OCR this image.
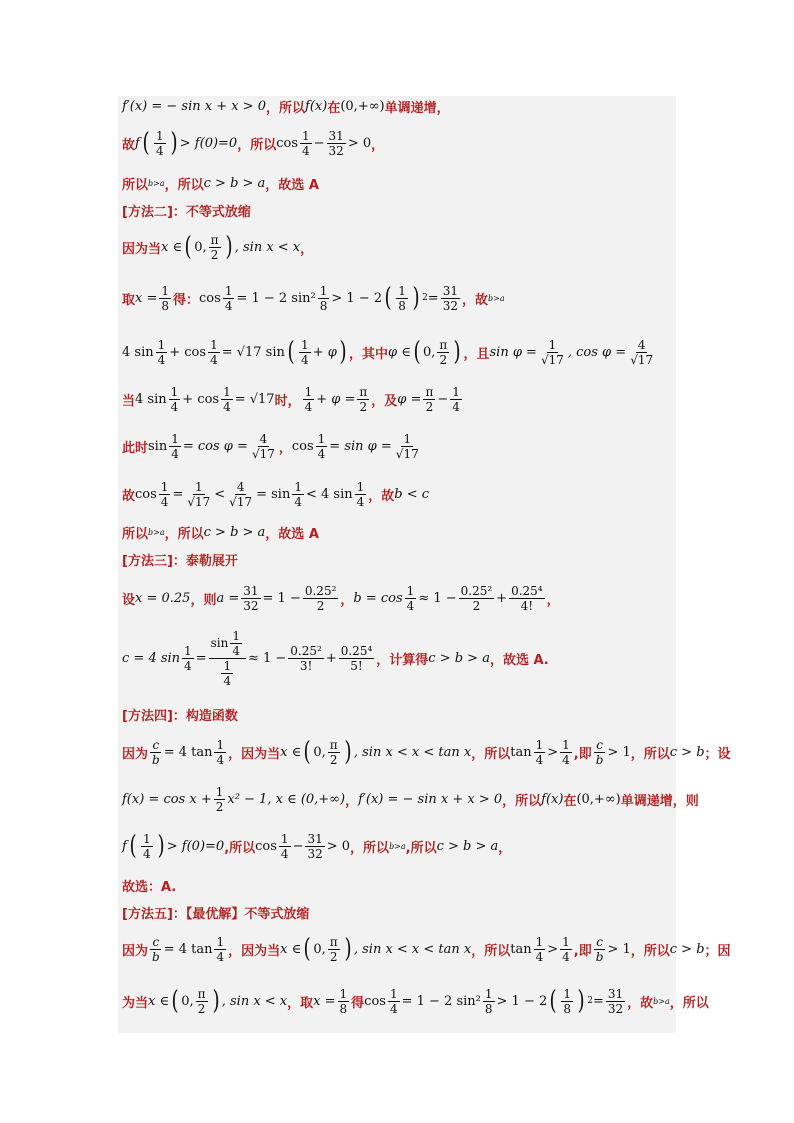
f′(x) = − sin x + x > 0 ，所以 f(x) 在 (0,+∞) 单调递增，
故 f ( $\frac{1}{4}$ ) > f(0)=0 ，所以 $\cos \frac{1}{4} - \frac{31}{32} > 0$ ，
所以 b>a ，所以 c > b > a ，故选 A
[方法二]：不等式放缩
因为当 x ∈ ( 0, $\frac{\pi}{2}$ ) , sin x < x ，
取 $x = \frac{1}{8}$ 得： $\cos \frac{1}{4} = 1 - 2$ $\sin^2 \frac{1}{8} > 1 - 2$ ( $\frac{1}{8}$ ) $2 = \frac{31}{32}$ ，故 b>a
4 $\sin \frac{1}{4} + \cos \frac{1}{4} = √17$ sin ( $\frac{1}{4} + \varphi$ ) ，其中 φ ∈ ( 0, $\frac{\pi}{2}$ ) ，且 $\sin \varphi = \frac{1}{√17}$ , $\cos \varphi = \frac{4}{√17}$
当 4 $\sin \frac{1}{4} + \cos \frac{1}{4} = √17$ 时， $\frac{1}{4} + \varphi = \frac{\pi}{2}$ ，及 $\varphi = \frac{\pi}{2} - \frac{1}{4}$
此时 $\sin \frac{1}{4} = \cos \varphi = \frac{4}{√17}$ ， $\cos \frac{1}{4} = \sin \varphi = \frac{1}{√17}$
故 $\cos \frac{1}{4} = \frac{1}{√17} < \frac{4}{√17} = \sin \frac{1}{4} < 4$ $\sin \frac{1}{4}$ ，故 b < c
所以 b>a ，所以 c > b > a ，故选 A
[方法三]：泰勒展开
设 x = 0.25 ，则 $a = \frac{31}{32} = 1 - \frac{\text{0.25²}}{2}$ ， $b = \cos \frac{1}{4} \approx 1 - \frac{\text{0.25²}}{2} + \frac{\text{0.25⁴}}{4!}$ ，
c = 4 $\sin \frac{1}{4} = \frac{\sin \frac{1}{4}}{\frac{1}{4}} \approx 1 - \frac{\text{0.25²}}{3!} + \frac{\text{0.25⁴}}{5!}$ ，计算得 c > b > a ，故选 A.
[方法四]：构造函数
因为 $\frac{c}{b} = 4$ $\tan \frac{1}{4}$ ，因为当 x ∈ ( 0, $\frac{\pi}{2}$ ) , sin x < x < tan x ，所以 $\tan \frac{1}{4} > \frac{1}{4}$ ,即 $\frac{c}{b} > 1$ ，所以 c > b ；设
$f(x) = \cos x + \frac{1}{2} x^2 - 1$, x ∈ (0,+∞) ， f′(x) = − sin x + x > 0 ，所以 f(x) 在 (0,+∞) 单调递增，则
f ( $\frac{1}{4}$ ) > f(0)=0 ,所以 $\cos \frac{1}{4} - \frac{31}{32} > 0$ ，所以 b>a ,所以 c > b > a ，
故选：A.
[方法五]：【最优解】不等式放缩
因为 $\frac{c}{b} = 4$ $\tan \frac{1}{4}$ ，因为当 x ∈ ( 0, $\frac{\pi}{2}$ ) , sin x < x < tan x ，所以 $\tan \frac{1}{4} > \frac{1}{4}$ ,即 $\frac{c}{b} > 1$ ，所以 c > b ；因
为当 x ∈ ( 0, $\frac{\pi}{2}$ ) , sin x < x ，取 $x = \frac{1}{8}$ 得 $\cos \frac{1}{4} = 1 - 2$ $\sin^2 \frac{1}{8} > 1 - 2$ ( $\frac{1}{8}$ ) $2 = \frac{31}{32}$ ，故 b>a ，所以
